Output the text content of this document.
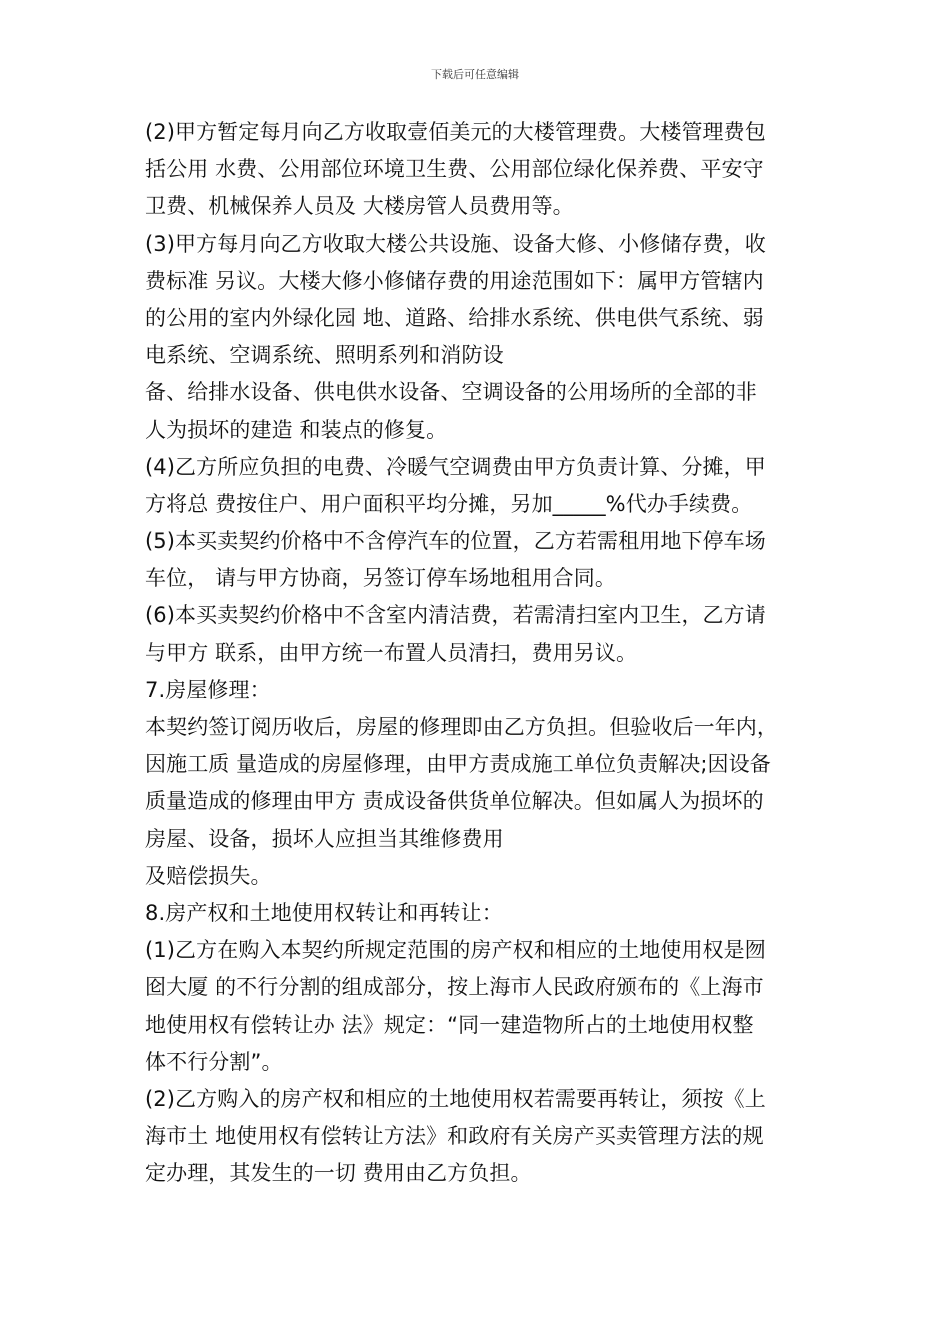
下载后可任意编辑
(2)甲方暂定每月向乙方收取壹佰美元的大楼管理费。大楼管理费包
括公用 水费、公用部位环境卫生费、公用部位绿化保养费、平安守
卫费、机械保养人员及 大楼房管人员费用等。
(3)甲方每月向乙方收取大楼公共设施、设备大修、小修储存费，收
费标准 另议。大楼大修小修储存费的用途范围如下：属甲方管辖内
的公用的室内外绿化园 地、道路、给排水系统、供电供气系统、弱
电系统、空调系统、照明系列和消防设
备、给排水设备、供电供水设备、空调设备的公用场所的全部的非
人为损坏的建造 和装点的修复。
(4)乙方所应负担的电费、冷暖气空调费由甲方负责计算、分摊，甲
方将总 费按住户、用户面积平均分摊，另加_____%代办手续费。
(5)本买卖契约价格中不含停汽车的位置，乙方若需租用地下停车场
车位， 请与甲方协商，另签订停车场地租用合同。
(6)本买卖契约价格中不含室内清洁费，若需清扫室内卫生，乙方请
与甲方 联系，由甲方统一布置人员清扫，费用另议。
7.房屋修理：
本契约签订阅历收后，房屋的修理即由乙方负担。但验收后一年内，
因施工质 量造成的房屋修理，由甲方责成施工单位负责解决;因设备
质量造成的修理由甲方 责成设备供货单位解决。但如属人为损坏的
房屋、设备，损坏人应担当其维修费用
及赔偿损失。
8.房产权和土地使用权转让和再转让：
(1)乙方在购入本契约所规定范围的房产权和相应的土地使用权是囫
囵大厦 的不行分割的组成部分，按上海市人民政府颁布的《上海市
地使用权有偿转让办 法》规定：“同一建造物所占的土地使用权整
体不行分割”。
(2)乙方购入的房产权和相应的土地使用权若需要再转让，须按《上
海市土 地使用权有偿转让方法》和政府有关房产买卖管理方法的规
定办理，其发生的一切 费用由乙方负担。
